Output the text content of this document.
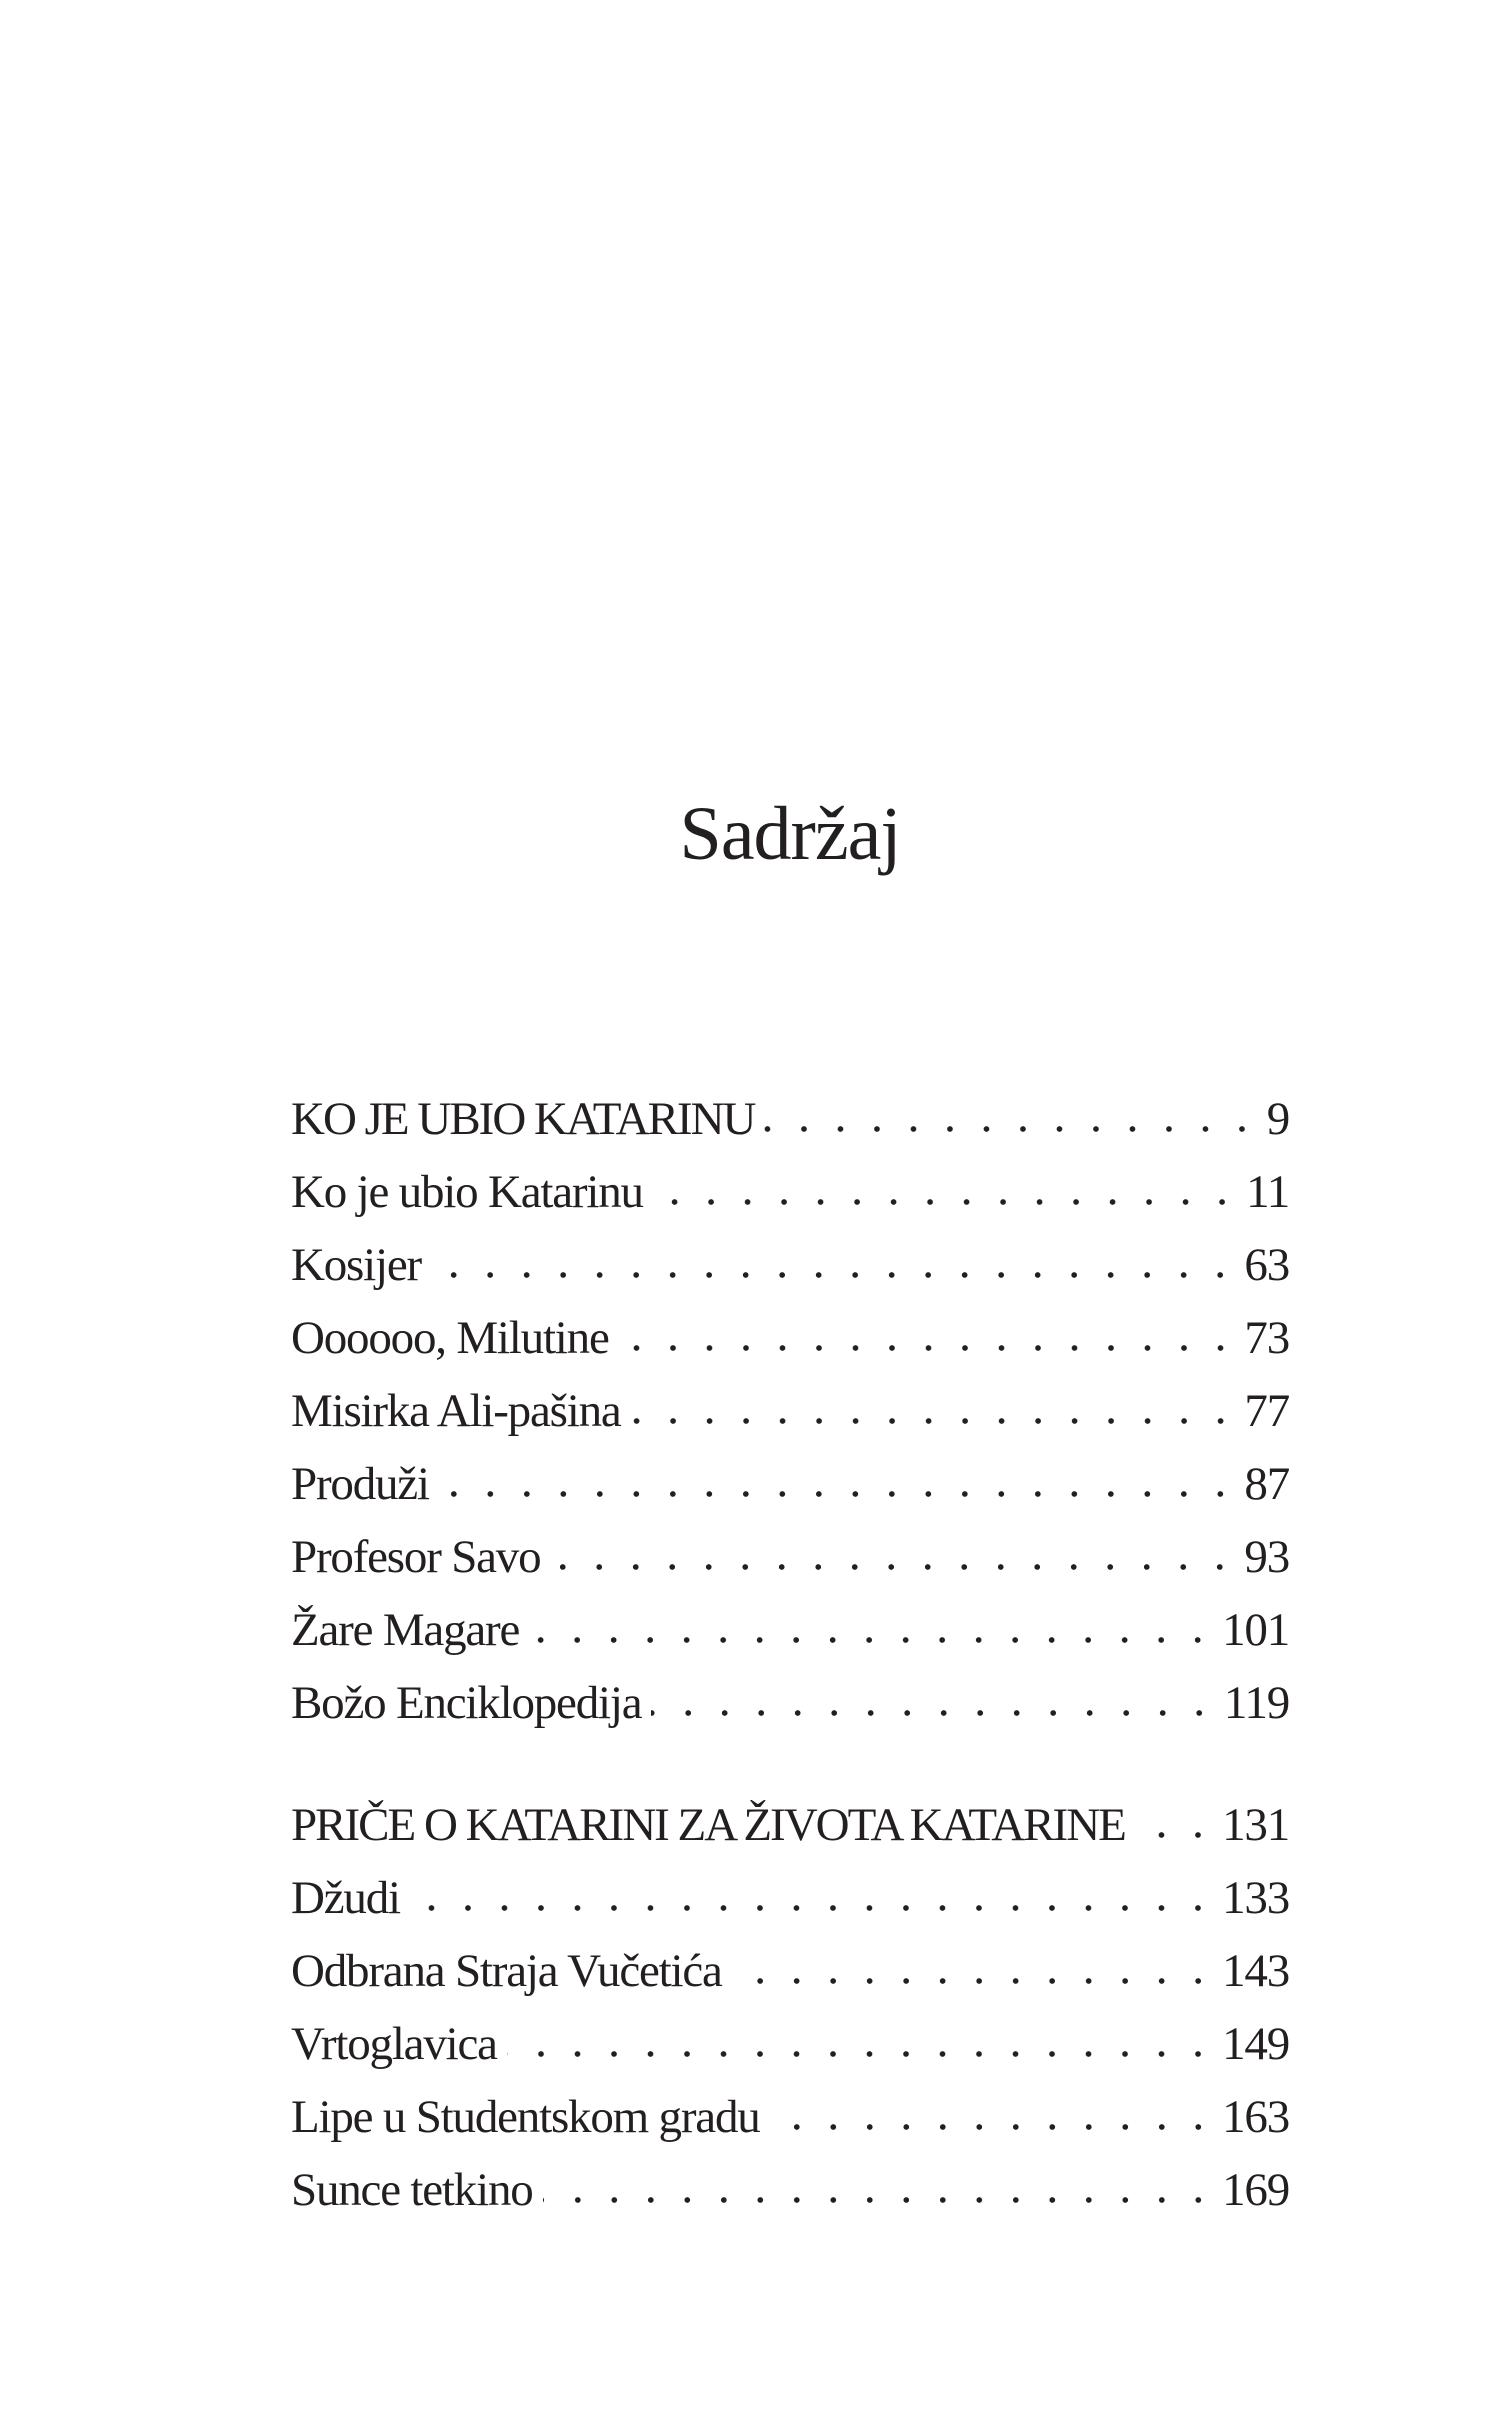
Sadržaj
KO JE UBIO KATARINU	9
Ko je ubio Katarinu	11
Kosijer	63
Oooooo, Milutine	73
Misirka Ali-pašina	77
Produži	87
Profesor Savo	93
Žare Magare	101
Božo Enciklopedija	119
PRIČE O KATARINI ZA ŽIVOTA KATARINE 131
Džudi	133
Odbrana Straja Vučetića	143
Vrtoglavica	149
Lipe u Studentskom gradu	163
Sunce tetkino	169
